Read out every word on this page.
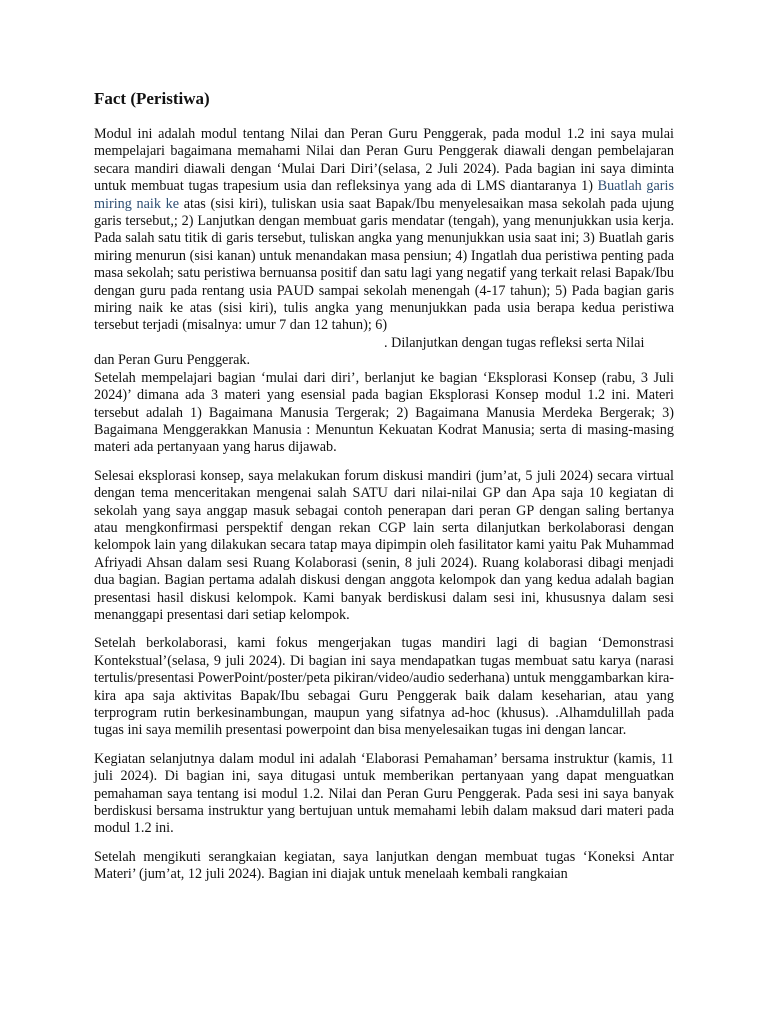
Fact (Peristiwa)
Modul ini adalah modul tentang Nilai dan Peran Guru Penggerak, pada modul 1.2 ini saya mulai mempelajari bagaimana memahami Nilai dan Peran Guru Penggerak diawali dengan pembelajaran secara mandiri diawali dengan ‘Mulai Dari Diri’(selasa, 2 Juli 2024). Pada bagian ini saya diminta untuk membuat tugas trapesium usia dan refleksinya yang ada di LMS diantaranya 1) Buatlah garis miring naik ke atas (sisi kiri), tuliskan usia saat Bapak/Ibu menyelesaikan masa sekolah pada ujung garis tersebut,; 2) Lanjutkan dengan membuat garis mendatar (tengah), yang menunjukkan usia kerja. Pada salah satu titik di garis tersebut, tuliskan angka yang menunjukkan usia saat ini; 3) Buatlah garis miring menurun (sisi kanan) untuk menandakan masa pensiun; 4) Ingatlah dua peristiwa penting pada masa sekolah; satu peristiwa bernuansa positif dan satu lagi yang negatif yang terkait relasi Bapak/Ibu dengan guru pada rentang usia PAUD sampai sekolah menengah (4-17 tahun); 5) Pada bagian garis miring naik ke atas (sisi kiri), tulis angka yang menunjukkan pada usia berapa kedua peristiwa tersebut terjadi (misalnya: umur 7 dan 12 tahun); 6)
. Dilanjutkan dengan tugas refleksi serta Nilai
dan Peran Guru Penggerak.
Setelah mempelajari bagian ‘mulai dari diri’, berlanjut ke bagian ‘Eksplorasi Konsep (rabu, 3 Juli 2024)’ dimana ada 3 materi yang esensial pada bagian Eksplorasi Konsep modul 1.2 ini. Materi tersebut adalah 1) Bagaimana Manusia Tergerak; 2) Bagaimana Manusia Merdeka Bergerak; 3) Bagaimana Menggerakkan Manusia : Menuntun Kekuatan Kodrat Manusia; serta di masing-masing materi ada pertanyaan yang harus dijawab.
Selesai eksplorasi konsep, saya melakukan forum diskusi mandiri (jum’at, 5 juli 2024) secara virtual dengan tema menceritakan mengenai salah SATU dari nilai-nilai GP dan Apa saja 10 kegiatan di sekolah yang saya anggap masuk sebagai contoh penerapan dari peran GP dengan saling bertanya atau mengkonfirmasi perspektif dengan rekan CGP lain serta dilanjutkan berkolaborasi dengan kelompok lain yang dilakukan secara tatap maya dipimpin oleh fasilitator kami yaitu Pak Muhammad Afriyadi Ahsan dalam sesi Ruang Kolaborasi (senin, 8 juli 2024). Ruang kolaborasi dibagi menjadi dua bagian. Bagian pertama adalah diskusi dengan anggota kelompok dan yang kedua adalah bagian presentasi hasil diskusi kelompok. Kami banyak berdiskusi dalam sesi ini, khususnya dalam sesi menanggapi presentasi dari setiap kelompok.
Setelah berkolaborasi, kami fokus mengerjakan tugas mandiri lagi di bagian ‘Demonstrasi Kontekstual’(selasa, 9 juli 2024). Di bagian ini saya mendapatkan tugas membuat satu karya (narasi tertulis/presentasi PowerPoint/poster/peta pikiran/video/audio sederhana) untuk menggambarkan kira-kira apa saja aktivitas Bapak/Ibu sebagai Guru Penggerak baik dalam keseharian, atau yang terprogram rutin berkesinambungan, maupun yang sifatnya ad-hoc (khusus). .Alhamdulillah pada tugas ini saya memilih presentasi powerpoint dan bisa menyelesaikan tugas ini dengan lancar.
Kegiatan selanjutnya dalam modul ini adalah ‘Elaborasi Pemahaman’ bersama instruktur (kamis, 11 juli 2024). Di bagian ini, saya ditugasi untuk memberikan pertanyaan yang dapat menguatkan pemahaman saya tentang isi modul 1.2. Nilai dan Peran Guru Penggerak. Pada sesi ini saya banyak berdiskusi bersama instruktur yang bertujuan untuk memahami lebih dalam maksud dari materi pada modul 1.2 ini.
Setelah mengikuti serangkaian kegiatan, saya lanjutkan dengan membuat tugas ‘Koneksi Antar Materi’ (jum’at, 12 juli 2024). Bagian ini diajak untuk menelaah kembali rangkaian
